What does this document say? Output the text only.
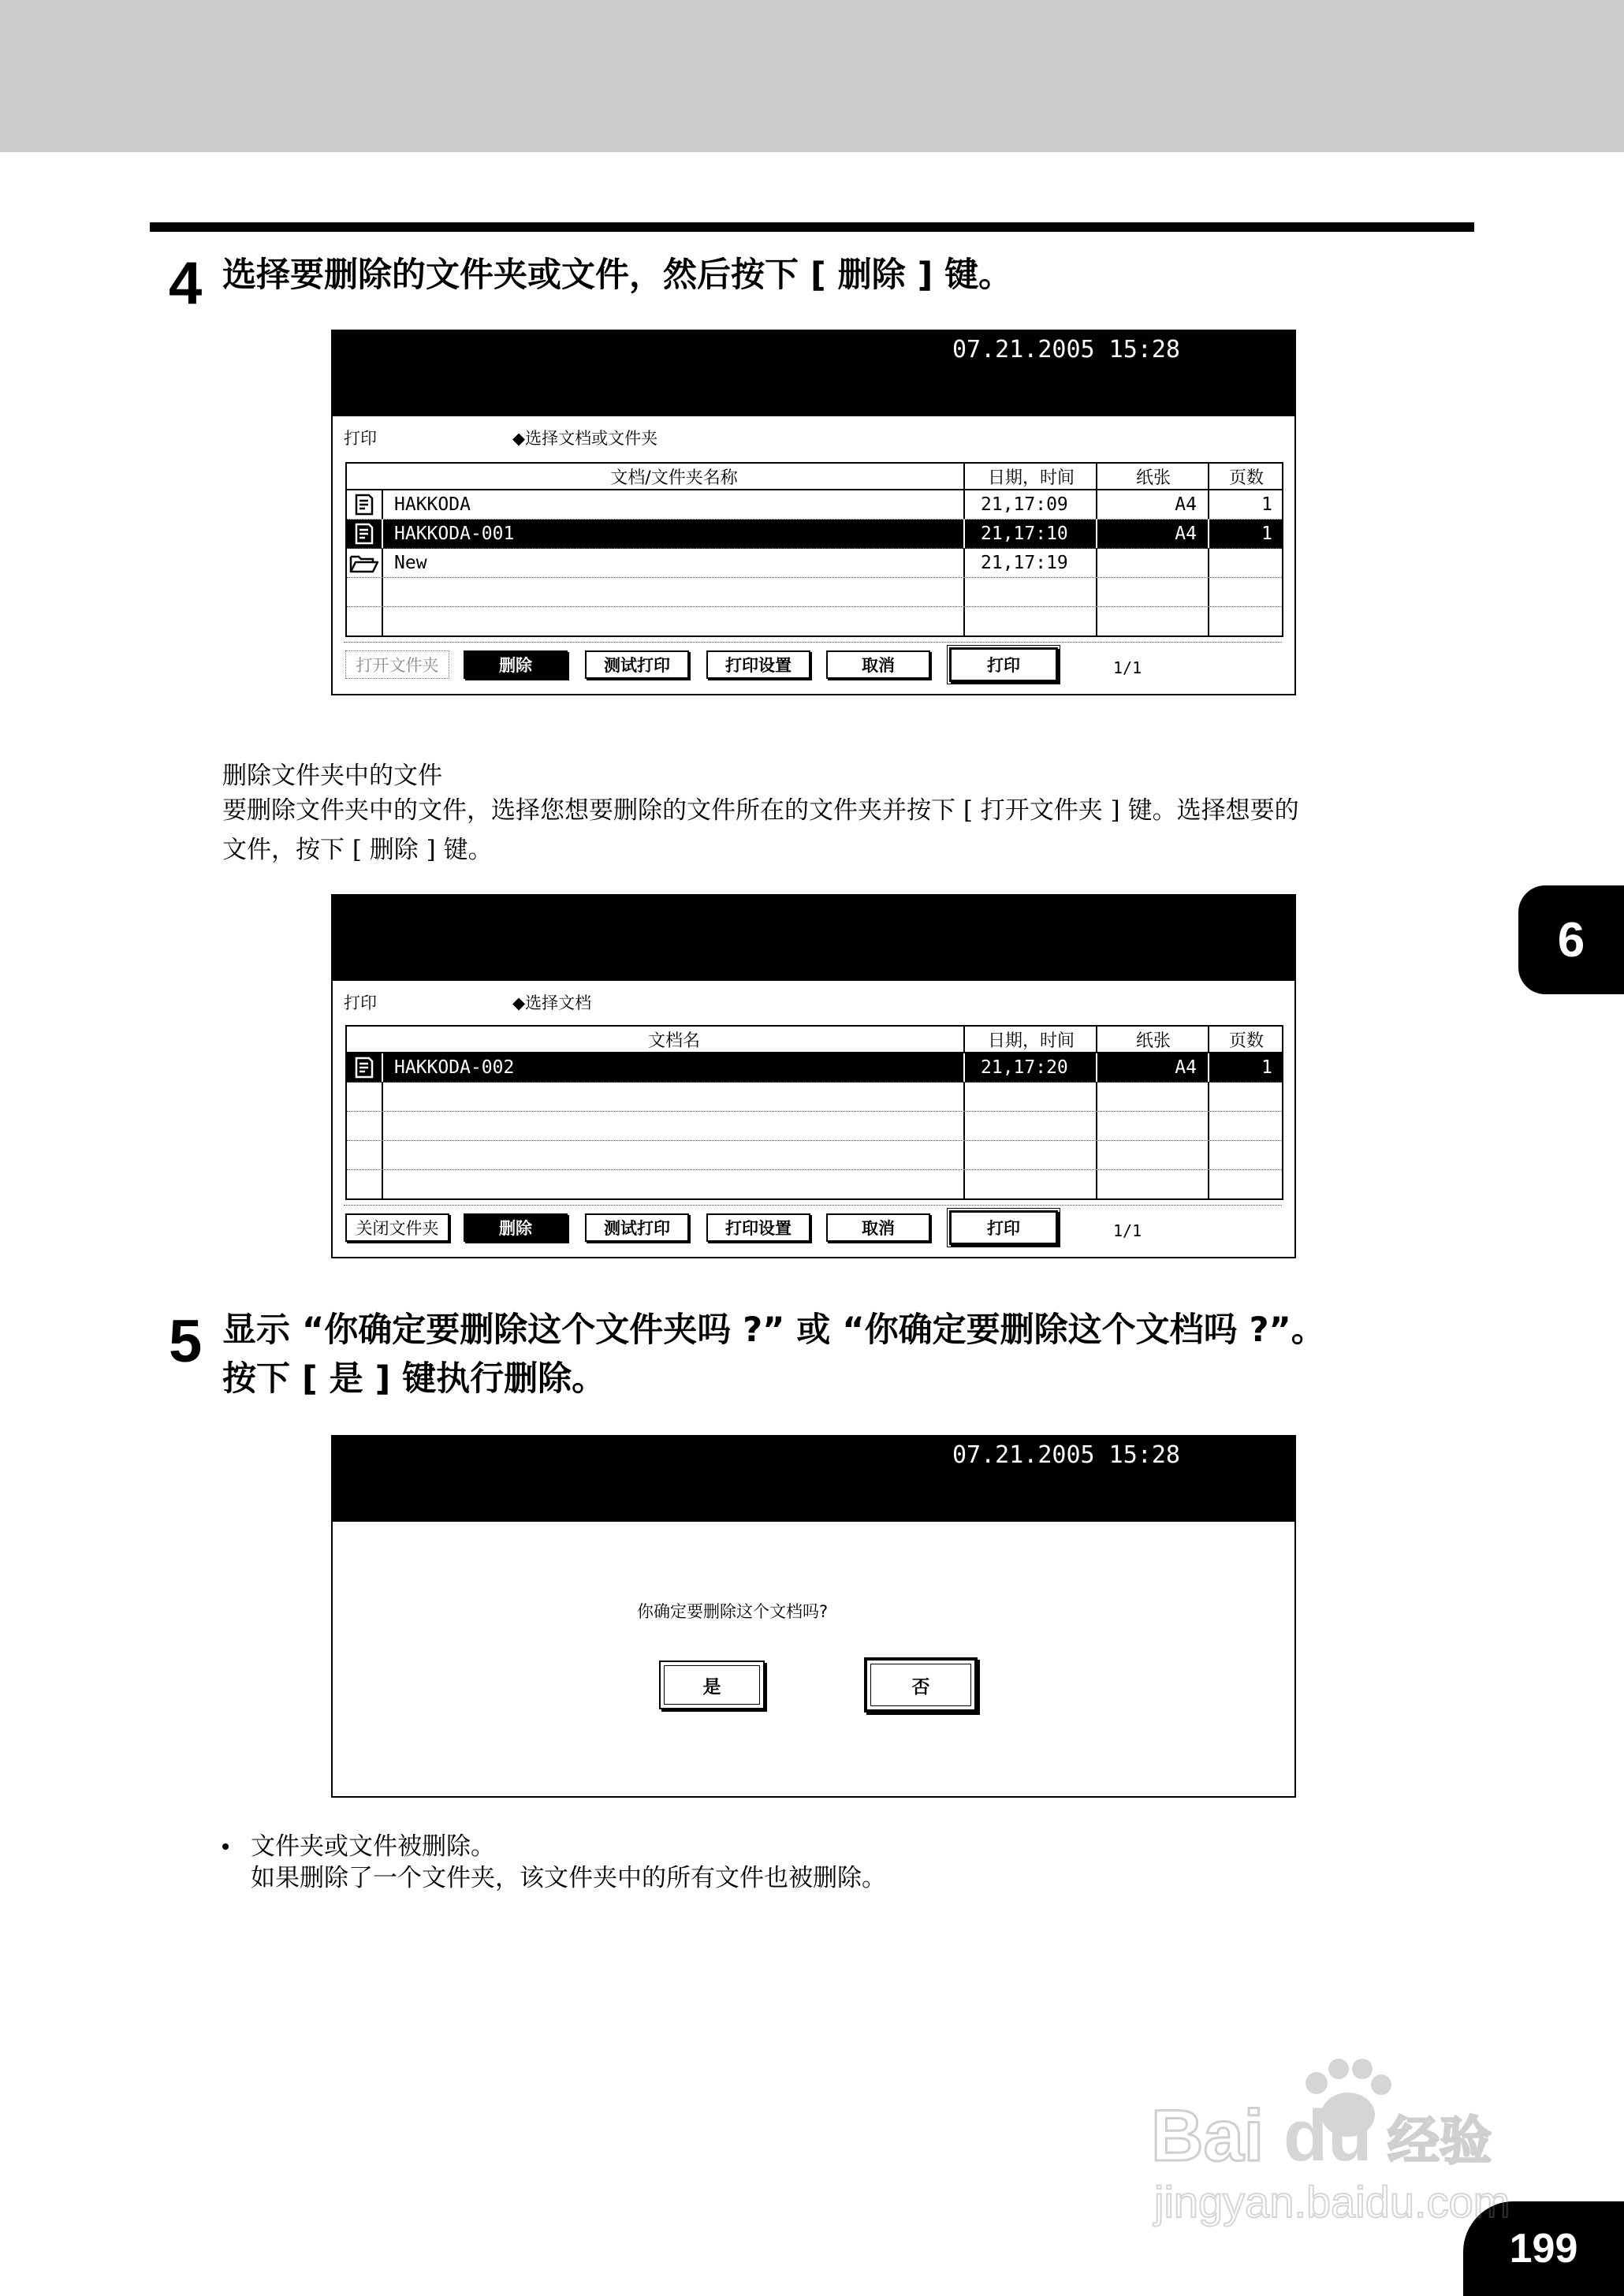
4 选择要删除的文件夹或文件，然后按下 [ 删除 ] 键。
07.21.2005 15:28
打印	◆选择文档或文件夹
文档/文件夹名称	日期，时间	纸张	页数
HAKKODA	21,17:09	A4	1
HAKKODA-001	21,17:10	A4	1
New	21,17:19
打开文件夹	删除	测试打印	打印设置	取消	打印	1/1
删除文件夹中的文件
要删除文件夹中的文件，选择您想要删除的文件所在的文件夹并按下 [ 打开文件夹 ] 键。选择想要的
文件，按下 [ 删除 ] 键。
打印	◆选择文档
文档名	日期，时间	纸张	页数
HAKKODA-002	21,17:20	A4	1
关闭文件夹	删除	测试打印	打印设置	取消	打印	1/1
5 显示 “你确定要删除这个文件夹吗 ?” 或 “你确定要删除这个文档吗 ?”。
按下 [ 是 ] 键执行删除。
07.21.2005 15:28
你确定要删除这个文档吗?
是	否
文件夹或文件被删除。
如果删除了一个文件夹，该文件夹中的所有文件也被删除。
6
199
Bai du 经验
jingyan.baidu.com
